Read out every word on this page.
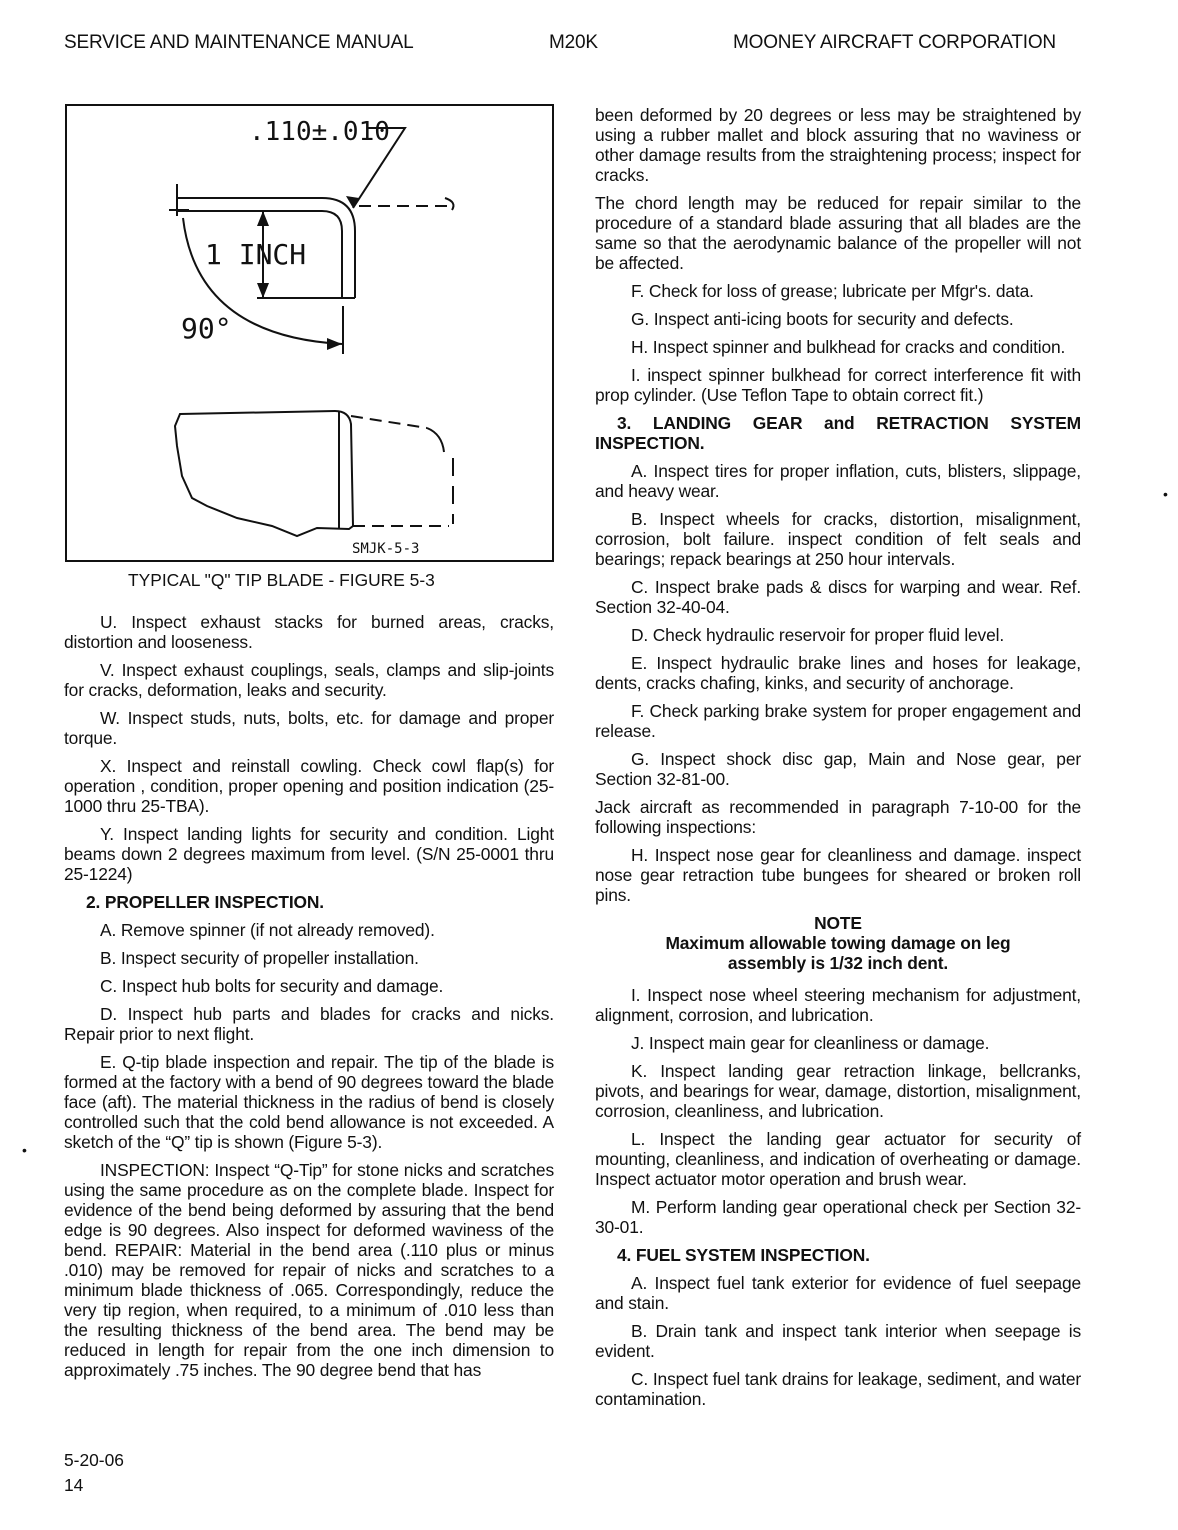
SERVICE AND MAINTENANCE MANUAL	M20K	MOONEY AIRCRAFT CORPORATION
.110±.010
1 INCH
90°
SMJK-5-3
TYPICAL "Q" TIP BLADE - FIGURE 5-3

U. Inspect exhaust stacks for burned areas, cracks, distortion and looseness.

V. Inspect exhaust couplings, seals, clamps and slip-joints for cracks, deformation, leaks and security.

W. Inspect studs, nuts, bolts, etc. for damage and proper torque.

X. Inspect and reinstall cowling. Check cowl flap(s) for operation , condition, proper opening and position indication (25-1000 thru 25-TBA).

Y. Inspect landing lights for security and condition. Light beams down 2 degrees maximum from level. (S/N 25-0001 thru 25-1224)

2. PROPELLER INSPECTION.

A. Remove spinner (if not already removed).

B. Inspect security of propeller installation.

C. Inspect hub bolts for security and damage.

D. Inspect hub parts and blades for cracks and nicks. Repair prior to next flight.

E. Q-tip blade inspection and repair. The tip of the blade is formed at the factory with a bend of 90 degrees toward the blade face (aft). The material thickness in the radius of bend is closely controlled such that the cold bend allowance is not exceeded. A sketch of the “Q” tip is shown (Figure 5-3).

INSPECTION: Inspect “Q-Tip” for stone nicks and scratches using the same procedure as on the complete blade. Inspect for evidence of the bend being deformed by assuring that the bend edge is 90 degrees. Also inspect for deformed waviness of the bend. REPAIR: Material in the bend area (.110 plus or minus .010) may be removed for repair of nicks and scratches to a minimum blade thickness of .065. Correspondingly, reduce the very tip region, when required, to a minimum of .010 less than the resulting thickness of the bend area. The bend may be reduced in length for repair from the one inch dimension to approximately .75 inches. The 90 degree bend that has

been deformed by 20 degrees or less may be straightened by using a rubber mallet and block assuring that no waviness or other damage results from the straightening process; inspect for cracks.

The chord length may be reduced for repair similar to the procedure of a standard blade assuring that all blades are the same so that the aerodynamic balance of the propeller will not be affected.

F. Check for loss of grease; lubricate per Mfgr's. data.

G. Inspect anti-icing boots for security and defects.

H. Inspect spinner and bulkhead for cracks and condition.

I. inspect spinner bulkhead for correct interference fit with prop cylinder. (Use Teflon Tape to obtain correct fit.)

3. LANDING GEAR and RETRACTION SYSTEM INSPECTION.

A. Inspect tires for proper inflation, cuts, blisters, slippage, and heavy wear.

B. Inspect wheels for cracks, distortion, misalignment, corrosion, bolt failure. inspect condition of felt seals and bearings; repack bearings at 250 hour intervals.

C. Inspect brake pads & discs for warping and wear. Ref. Section 32-40-04.

D. Check hydraulic reservoir for proper fluid level.

E. Inspect hydraulic brake lines and hoses for leakage, dents, cracks chafing, kinks, and security of anchorage.

F. Check parking brake system for proper engagement and release.

G. Inspect shock disc gap, Main and Nose gear, per Section 32-81-00.

Jack aircraft as recommended in paragraph 7-10-00 for the following inspections:

H. Inspect nose gear for cleanliness and damage. inspect nose gear retraction tube bungees for sheared or broken roll pins.

NOTE

Maximum allowable towing damage on leg assembly is 1/32 inch dent.

I. Inspect nose wheel steering mechanism for adjustment, alignment, corrosion, and lubrication.

J. Inspect main gear for cleanliness or damage.

K. Inspect landing gear retraction linkage, bellcranks, pivots, and bearings for wear, damage, distortion, misalignment, corrosion, cleanliness, and lubrication.

L. Inspect the landing gear actuator for security of mounting, cleanliness, and indication of overheating or damage. Inspect actuator motor operation and brush wear.

M. Perform landing gear operational check per Section 32-30-01.

4. FUEL SYSTEM INSPECTION.

A. Inspect fuel tank exterior for evidence of fuel seepage and stain.

B. Drain tank and inspect tank interior when seepage is evident.

C. Inspect fuel tank drains for leakage, sediment, and water contamination.

•
•
5-20-06
14
